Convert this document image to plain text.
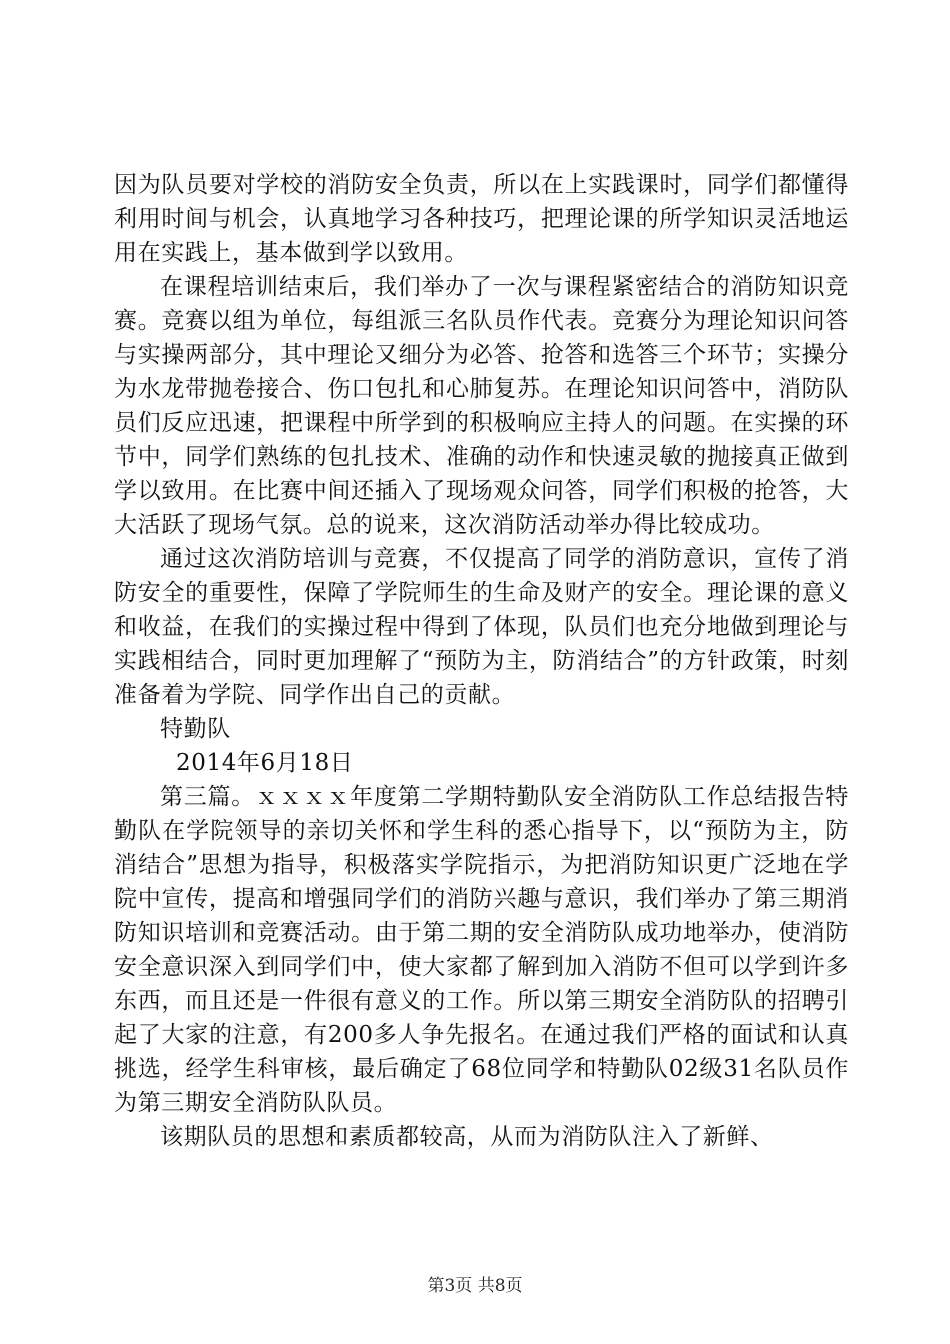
因为队员要对学校的消防安全负责，所以在上实践课时，同学们都懂得利用时间与机会，认真地学习各种技巧，把理论课的所学知识灵活地运用在实践上，基本做到学以致用。

在课程培训结束后，我们举办了一次与课程紧密结合的消防知识竞赛。竞赛以组为单位，每组派三名队员作代表。竞赛分为理论知识问答与实操两部分，其中理论又细分为必答、抢答和选答三个环节；实操分为水龙带抛卷接合、伤口包扎和心肺复苏。在理论知识问答中，消防队员们反应迅速，把课程中所学到的积极响应主持人的问题。在实操的环节中，同学们熟练的包扎技术、准确的动作和快速灵敏的抛接真正做到学以致用。在比赛中间还插入了现场观众问答，同学们积极的抢答，大大活跃了现场气氛。总的说来，这次消防活动举办得比较成功。

通过这次消防培训与竞赛，不仅提高了同学的消防意识，宣传了消防安全的重要性，保障了学院师生的生命及财产的安全。理论课的意义和收益，在我们的实操过程中得到了体现，队员们也充分地做到理论与实践相结合，同时更加理解了“预防为主，防消结合”的方针政策，时刻准备着为学院、同学作出自己的贡献。

特勤队

2014年6月18日

第三篇。ｘｘｘｘ年度第二学期特勤队安全消防队工作总结报告特勤队在学院领导的亲切关怀和学生科的悉心指导下，以“预防为主，防消结合”思想为指导，积极落实学院指示，为把消防知识更广泛地在学院中宣传，提高和增强同学们的消防兴趣与意识，我们举办了第三期消防知识培训和竞赛活动。由于第二期的安全消防队成功地举办，使消防安全意识深入到同学们中，使大家都了解到加入消防不但可以学到许多东西，而且还是一件很有意义的工作。所以第三期安全消防队的招聘引起了大家的注意，有200多人争先报名。在通过我们严格的面试和认真挑选，经学生科审核，最后确定了68位同学和特勤队02级31名队员作为第三期安全消防队队员。

该期队员的思想和素质都较高，从而为消防队注入了新鲜、

第3页 共8页
